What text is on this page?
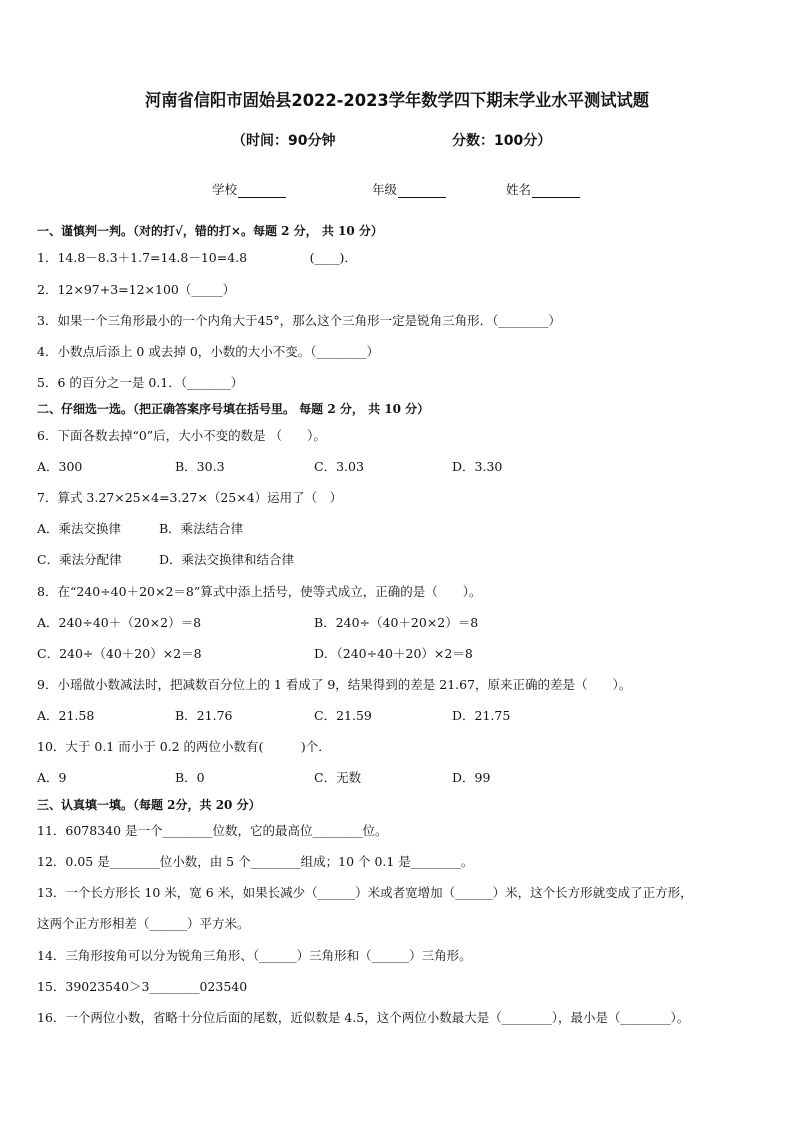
河南省信阳市固始县2022-2023学年数学四下期末学业水平测试试题
（时间：90分钟	分数：100分）
学校	年级	姓名
一、谨慎判一判。（对的打√，错的打×。每题 2 分， 共 10 分）
1．14.8－8.3＋1.7=14.8－10=4.8　　　　　(____)．
2．12×97+3=12×100（_____）
3．如果一个三角形最小的一个内角大于45°，那么这个三角形一定是锐角三角形．（________）
4．小数点后添上 0 或去掉 0，小数的大小不变。（________）
5．6 的百分之一是 0.1．（_______）
二、仔细选一选。（把正确答案序号填在括号里。 每题 2 分， 共 10 分）
6．下面各数去掉“0”后，大小不变的数是 （　　）。
A．300	B．30.3	C．3.03	D．3.30
7．算式 3.27×25×4=3.27×（25×4）运用了（　）
A．乘法交换律	B．乘法结合律
C．乘法分配律	D．乘法交换律和结合律
8．在“240÷40＋20×2＝8”算式中添上括号，使等式成立，正确的是（　　）。
A．240÷40＋（20×2）＝8	B．240÷（40＋20×2）＝8
C．240÷（40＋20）×2＝8	D．（240÷40＋20）×2＝8
9．小瑶做小数减法时，把减数百分位上的 1 看成了 9，结果得到的差是 21.67，原来正确的差是（　　）。
A．21.58	B．21.76	C．21.59	D．21.75
10．大于 0.1 而小于 0.2 的两位小数有(　　　)个．
A．9	B．0	C．无数	D．99
三、认真填一填。（每题 2分，共 20 分）
11．6078340 是一个________位数，它的最高位________位。
12．0.05 是________位小数，由 5 个________组成；10 个 0.1 是________。
13．一个长方形长 10 米，宽 6 米，如果长减少（______）米或者宽增加（______）米，这个长方形就变成了正方形，
这两个正方形相差（______）平方米。
14．三角形按角可以分为锐角三角形、（______）三角形和（______）三角形。
15．39023540＞3________023540
16．一个两位小数，省略十分位后面的尾数，近似数是 4.5，这个两位小数最大是（________），最小是（________）。
